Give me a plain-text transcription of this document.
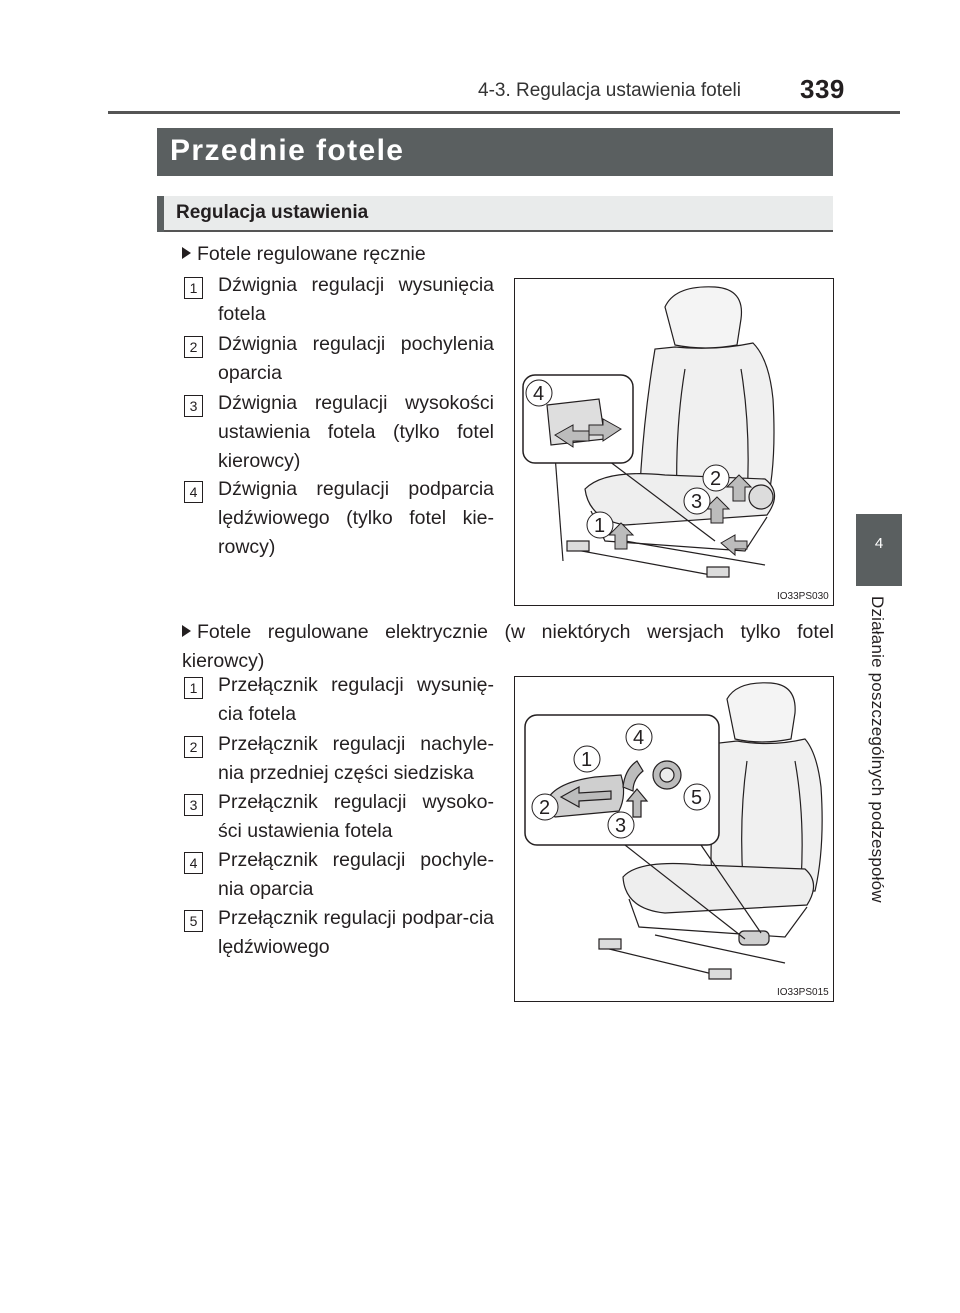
4-3. Regulacja ustawienia foteli 339
4
Działanie poszczególnych podzespołów
Przednie fotele
Regulacja ustawienia
Fotele regulowane ręcznie
1 Dźwignia regulacji wysunięcia fotela
2 Dźwignia regulacji pochylenia oparcia
3 Dźwignia regulacji wysokości ustawienia fotela (tylko fotel kierowcy)
4 Dźwignia regulacji podparcia lędźwiowego (tylko fotel kie-rowcy)
1
2
3
4
IO33PS030
Fotele regulowane elektrycznie (w niektórych wersjach tylko fotel kierowcy)
1 Przełącznik regulacji wysunię-cia fotela
2 Przełącznik regulacji nachyle-nia przedniej części siedziska
3 Przełącznik regulacji wysoko-ści ustawienia fotela
4 Przełącznik regulacji pochyle-nia oparcia
5 Przełącznik regulacji podpar-cia lędźwiowego
1
2
3
4
5
IO33PS015
